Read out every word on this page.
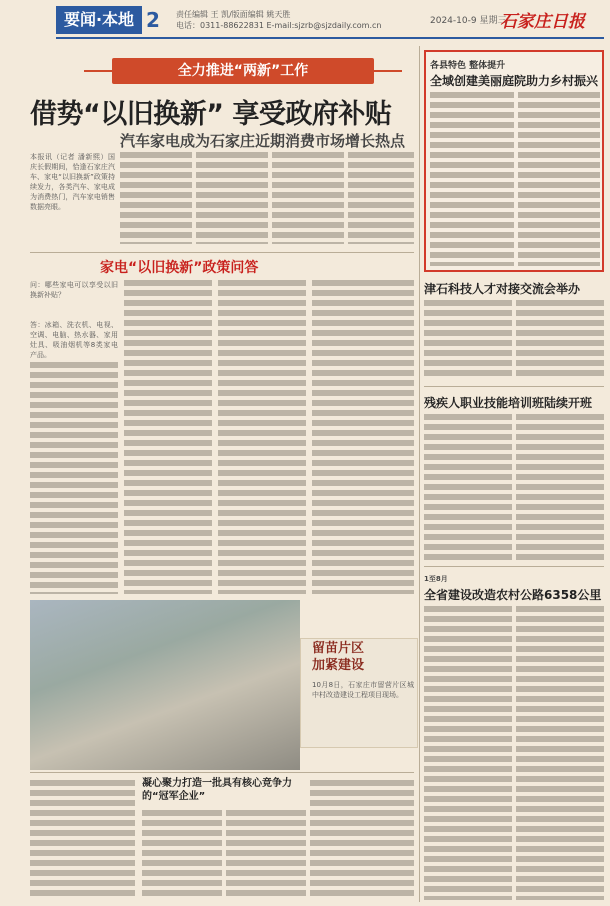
要闻·本地 2 责任编辑 王 凯/版面编辑 姚天胜
电话：0311-88622831 E-mail:sjzrb@sjzdaily.com.cn	2024-10-9 星期三
石家庄日报
全力推进“两新”工作
借势“以旧换新” 享受政府补贴
汽车家电成为石家庄近期消费市场增长热点
本报讯（记者 潘新熙）国庆长假期间，恰逢石家庄汽车、家电“以旧换新”政策持续发力，各类汽车、家电成为消费热门，汽车家电销售数据亮眼。
家电“以旧换新”政策问答
问：哪些家电可以享受以旧换新补贴？
答：冰箱、洗衣机、电视、空调、电脑、热水器、家用灶具、吸油烟机等8类家电产品。
留苗片区
加紧建设
10月8日，石家庄市留营片区城中村改造建设工程项目现场。
凝心聚力打造一批具有核心竞争力的“冠军企业”
各县特色 整体提升
全域创建美丽庭院助力乡村振兴
津石科技人才对接交流会举办
残疾人职业技能培训班陆续开班
1至8月
全省建设改造农村公路6358公里
